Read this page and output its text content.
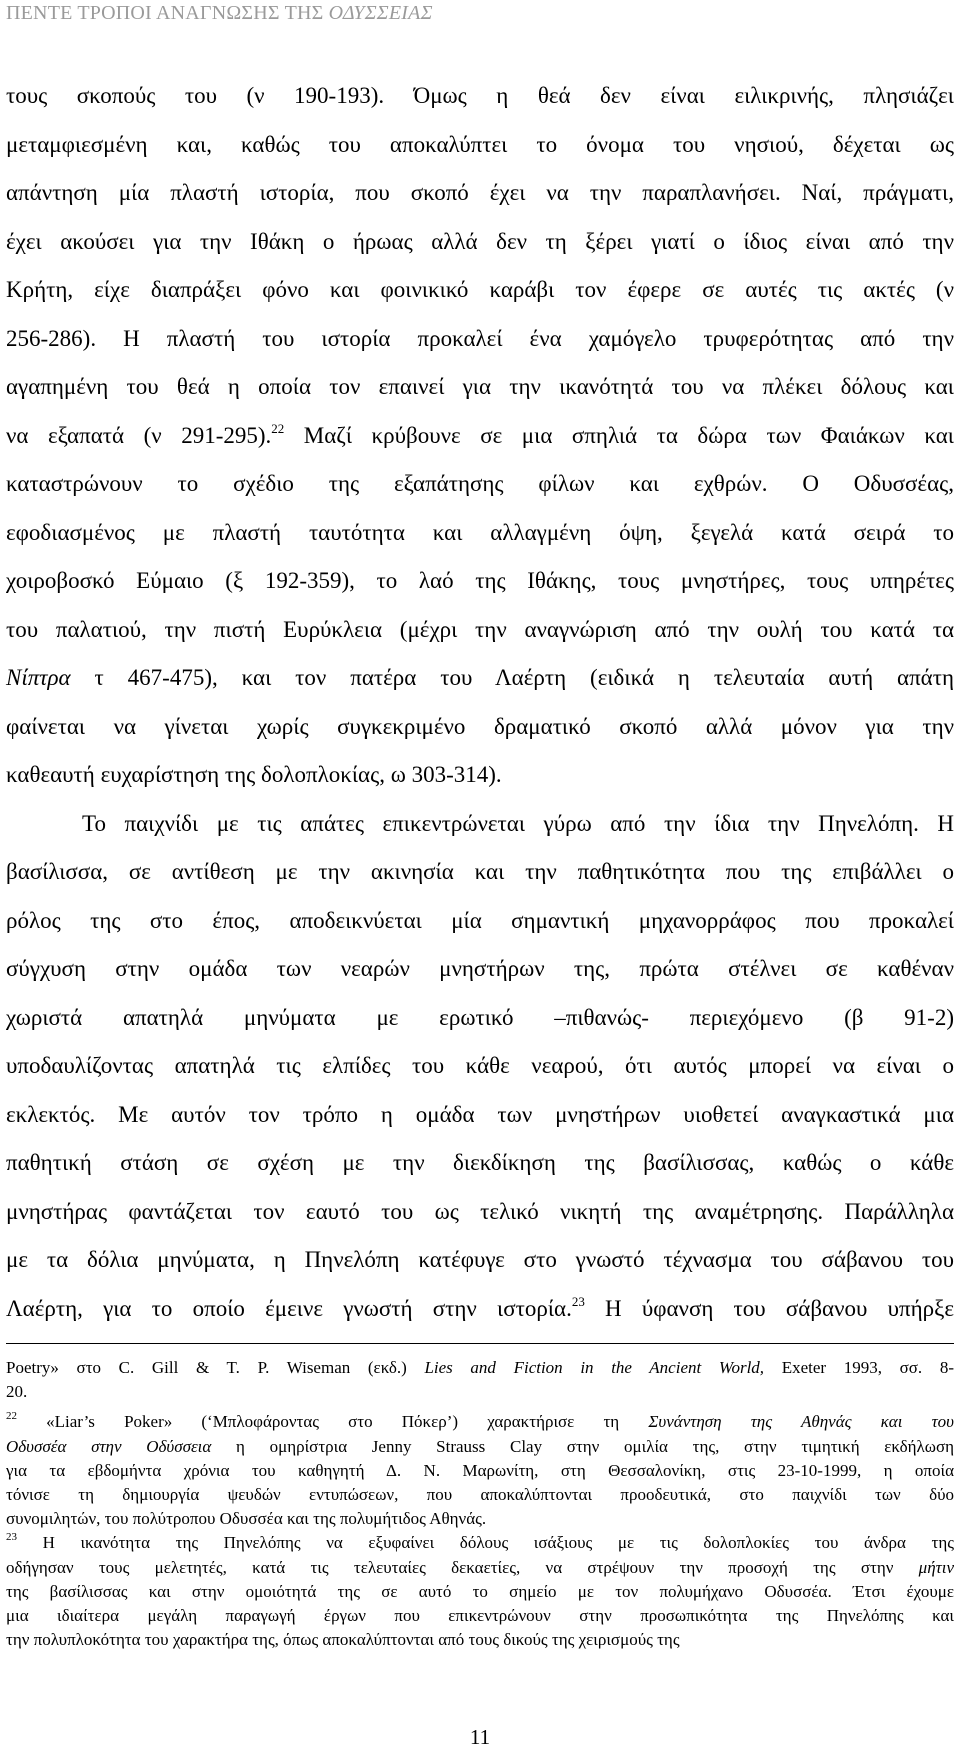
ΠΕΝΤΕ ΤΡΟΠΟΙ ΑΝΑΓΝΩΣΗΣ ΤΗΣ ΟΔΥΣΣΕΙΑΣ
τους σκοπούς του (ν 190-193). Όμως η θεά δεν είναι ειλικρινής, πλησιάζει
μεταμφιεσμένη και, καθώς του αποκαλύπτει το όνομα του νησιού, δέχεται ως
απάντηση μία πλαστή ιστορία, που σκοπό έχει να την παραπλανήσει. Ναί, πράγματι,
έχει ακούσει για την Ιθάκη ο ήρωας αλλά δεν τη ξέρει γιατί ο ίδιος είναι από την
Κρήτη, είχε διαπράξει φόνο και φοινικικό καράβι τον έφερε σε αυτές τις ακτές (ν
256-286). Η πλαστή του ιστορία προκαλεί ένα χαμόγελο τρυφερότητας από την
αγαπημένη του θεά η οποία τον επαινεί για την ικανότητά του να πλέκει δόλους και
να εξαπατά (ν 291-295).$^{22}$ Μαζί κρύβουνε σε μια σπηλιά τα δώρα των Φαιάκων και
καταστρώνουν το σχέδιο της εξαπάτησης φίλων και εχθρών. Ο Οδυσσέας,
εφοδιασμένος με πλαστή ταυτότητα και αλλαγμένη όψη, ξεγελά κατά σειρά το
χοιροβοσκό Εύμαιο (ξ 192-359), το λαό της Ιθάκης, τους μνηστήρες, τους υπηρέτες
του παλατιού, την πιστή Ευρύκλεια (μέχρι την αναγνώριση από την ουλή του κατά τα
Νίπτρα τ 467-475), και τον πατέρα του Λαέρτη (ειδικά η τελευταία αυτή απάτη
φαίνεται να γίνεται χωρίς συγκεκριμένο δραματικό σκοπό αλλά μόνον για την
καθεαυτή ευχαρίστηση της δολοπλοκίας, ω 303-314).
Το παιχνίδι με τις απάτες επικεντρώνεται γύρω από την ίδια την Πηνελόπη. Η
βασίλισσα, σε αντίθεση με την ακινησία και την παθητικότητα που της επιβάλλει ο
ρόλος της στο έπος, αποδεικνύεται μία σημαντική μηχανορράφος που προκαλεί
σύγχυση στην ομάδα των νεαρών μνηστήρων της, πρώτα στέλνει σε καθέναν
χωριστά απατηλά μηνύματα με ερωτικό –πιθανώς- περιεχόμενο (β 91-2)
υποδαυλίζοντας απατηλά τις ελπίδες του κάθε νεαρού, ότι αυτός μπορεί να είναι ο
εκλεκτός. Με αυτόν τον τρόπο η ομάδα των μνηστήρων υιοθετεί αναγκαστικά μια
παθητική στάση σε σχέση με την διεκδίκηση της βασίλισσας, καθώς ο κάθε
μνηστήρας φαντάζεται τον εαυτό του ως τελικό νικητή της αναμέτρησης. Παράλληλα
με τα δόλια μηνύματα, η Πηνελόπη κατέφυγε στο γνωστό τέχνασμα του σάβανου του
Λαέρτη, για το οποίο έμεινε γνωστή στην ιστορία.$^{23}$ Η ύφανση του σάβανου υπήρξε
Poetry» στο C. Gill & T. P. Wiseman (εκδ.) Lies and Fiction in the Ancient World, Exeter 1993, σσ. 8-
20.
$^{22}$ «Liar’s Poker» (‘Μπλοφάροντας στο Πόκερ’) χαρακτήρισε τη Συνάντηση της Αθηνάς και του
Οδυσσέα στην Οδύσσεια η ομηρίστρια Jenny Strauss Clay στην ομιλία της, στην τιμητική εκδήλωση
για τα εβδομήντα χρόνια του καθηγητή Δ. Ν. Μαρωνίτη, στη Θεσσαλονίκη, στις 23-10-1999, η οποία
τόνισε τη δημιουργία ψευδών εντυπώσεων, που αποκαλύπτονται προοδευτικά, στο παιχνίδι των δύο
συνομιλητών, του πολύτροπου Οδυσσέα και της πολυμήτιδος Αθηνάς.
$^{23}$ Η ικανότητα της Πηνελόπης να εξυφαίνει δόλους ισάξιους με τις δολοπλοκίες του άνδρα της
οδήγησαν τους μελετητές, κατά τις τελευταίες δεκαετίες, να στρέψουν την προσοχή της στην μήτιν
της βασίλισσας και στην ομοιότητά της σε αυτό το σημείο με τον πολυμήχανο Οδυσσέα. Έτσι έχουμε
μια ιδιαίτερα μεγάλη παραγωγή έργων που επικεντρώνουν στην προσωπικότητα της Πηνελόπης και
την πολυπλοκότητα του χαρακτήρα της, όπως αποκαλύπτονται από τους δικούς της χειρισμούς της
11
